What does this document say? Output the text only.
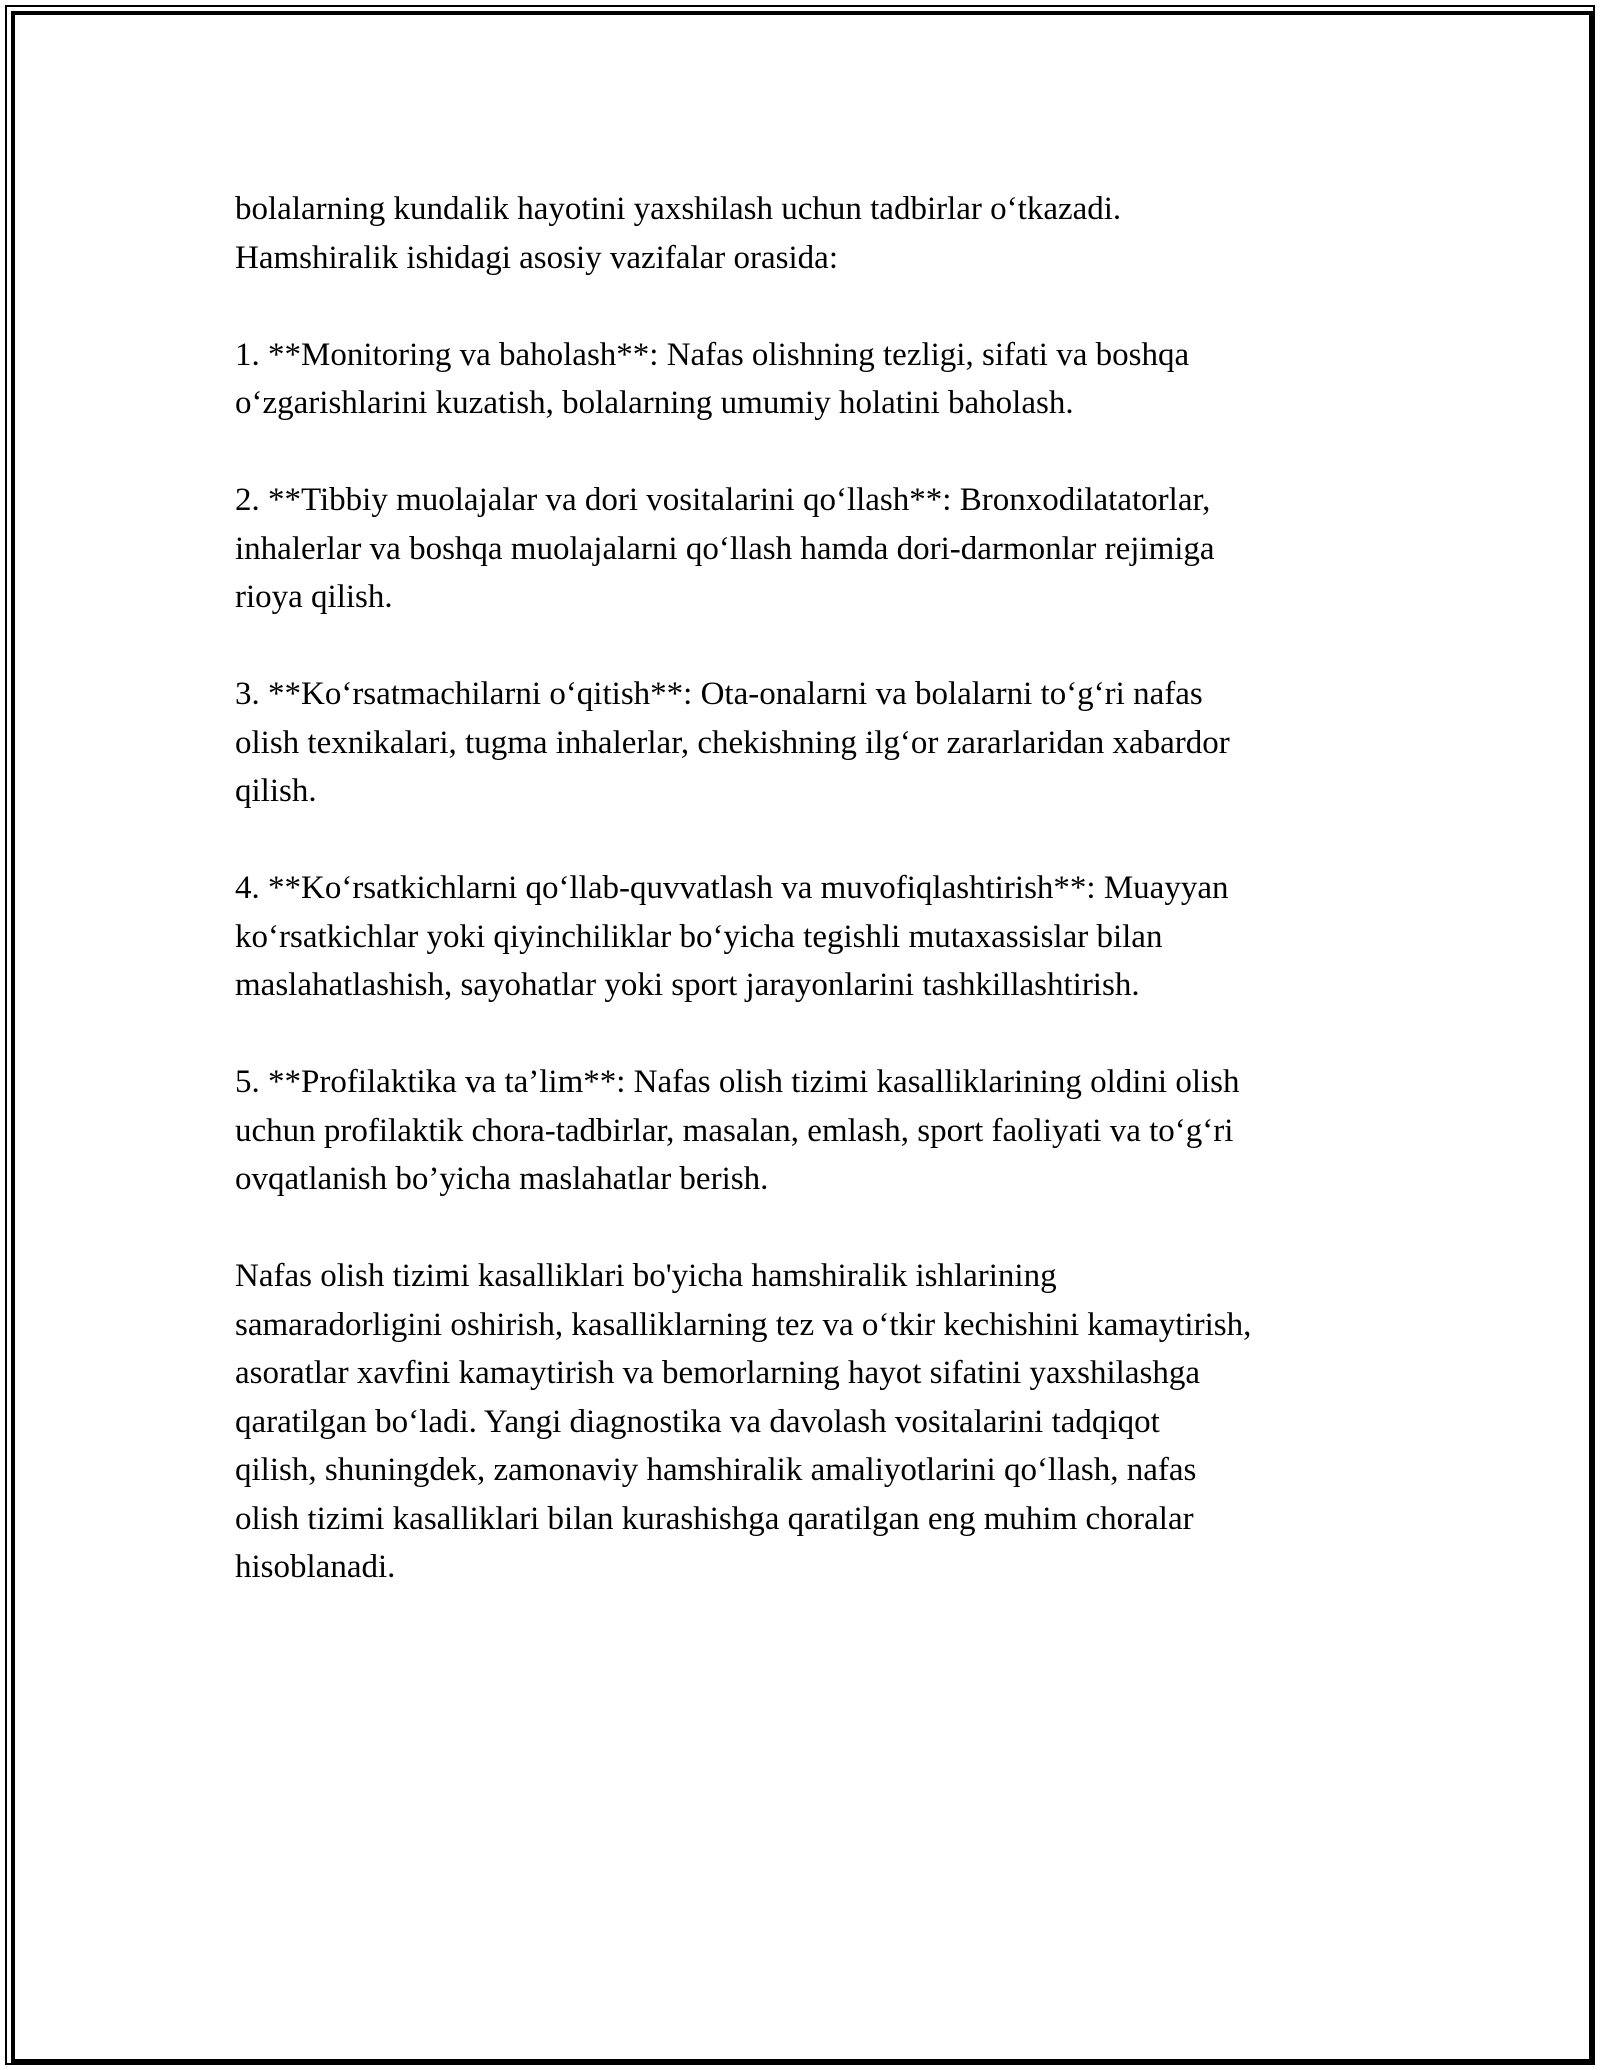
bolalarning kundalik hayotini yaxshilash uchun tadbirlar o‘tkazadi.
Hamshiralik ishidagi asosiy vazifalar orasida:

1. **Monitoring va baholash**: Nafas olishning tezligi, sifati va boshqa
o‘zgarishlarini kuzatish, bolalarning umumiy holatini baholash.

2. **Tibbiy muolajalar va dori vositalarini qo‘llash**: Bronxodilatatorlar,
inhalerlar va boshqa muolajalarni qo‘llash hamda dori-darmonlar rejimiga
rioya qilish.

3. **Ko‘rsatmachilarni o‘qitish**: Ota-onalarni va bolalarni to‘g‘ri nafas
olish texnikalari, tugma inhalerlar, chekishning ilg‘or zararlaridan xabardor
qilish.

4. **Ko‘rsatkichlarni qo‘llab-quvvatlash va muvofiqlashtirish**: Muayyan
ko‘rsatkichlar yoki qiyinchiliklar bo‘yicha tegishli mutaxassislar bilan
maslahatlashish, sayohatlar yoki sport jarayonlarini tashkillashtirish.

5. **Profilaktika va ta’lim**: Nafas olish tizimi kasalliklarining oldini olish
uchun profilaktik chora-tadbirlar, masalan, emlash, sport faoliyati va to‘g‘ri
ovqatlanish bo’yicha maslahatlar berish.

Nafas olish tizimi kasalliklari bo'yicha hamshiralik ishlarining
samaradorligini oshirish, kasalliklarning tez va o‘tkir kechishini kamaytirish,
asoratlar xavfini kamaytirish va bemorlarning hayot sifatini yaxshilashga
qaratilgan bo‘ladi. Yangi diagnostika va davolash vositalarini tadqiqot
qilish, shuningdek, zamonaviy hamshiralik amaliyotlarini qo‘llash, nafas
olish tizimi kasalliklari bilan kurashishga qaratilgan eng muhim choralar
hisoblanadi.
